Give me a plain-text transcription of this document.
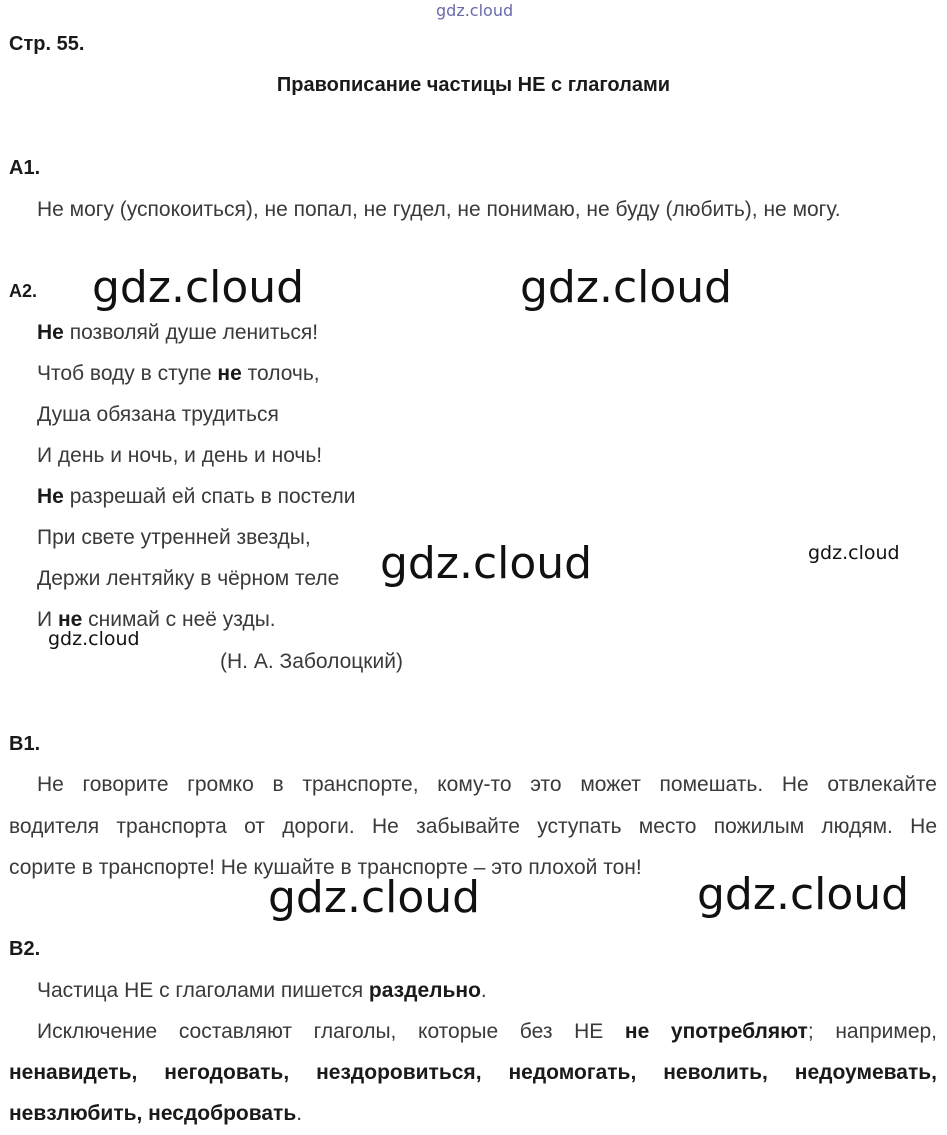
gdz.cloud
Стр. 55.
Правописание частицы НЕ с глаголами
А1.
Не могу (успокоиться), не попал, не гудел, не понимаю, не буду (любить), не могу.
А2.
Не позволяй душе лениться!
Чтоб воду в ступе не толочь,
Душа обязана трудиться
И день и ночь, и день и ночь!
Не разрешай ей спать в постели
При свете утренней звезды,
Держи лентяйку в чёрном теле
И не снимай с неё узды.
(Н. А. Заболоцкий)
В1.
Не говорите громко в транспорте, кому-то это может помешать. Не отвлекайте
водителя транспорта от дороги. Не забывайте уступать место пожилым людям. Не
сорите в транспорте! Не кушайте в транспорте – это плохой тон!
В2.
Частица НЕ с глаголами пишется раздельно.
Исключение составляют глаголы, которые без НЕ не употребляют; например,
ненавидеть, негодовать, нездоровиться, недомогать, неволить, недоумевать,
невзлюбить, несдобровать.
gdz.cloud	gdz.cloud
gdz.cloud	gdz.cloud
gdz.cloud
gdz.cloud	gdz.cloud
